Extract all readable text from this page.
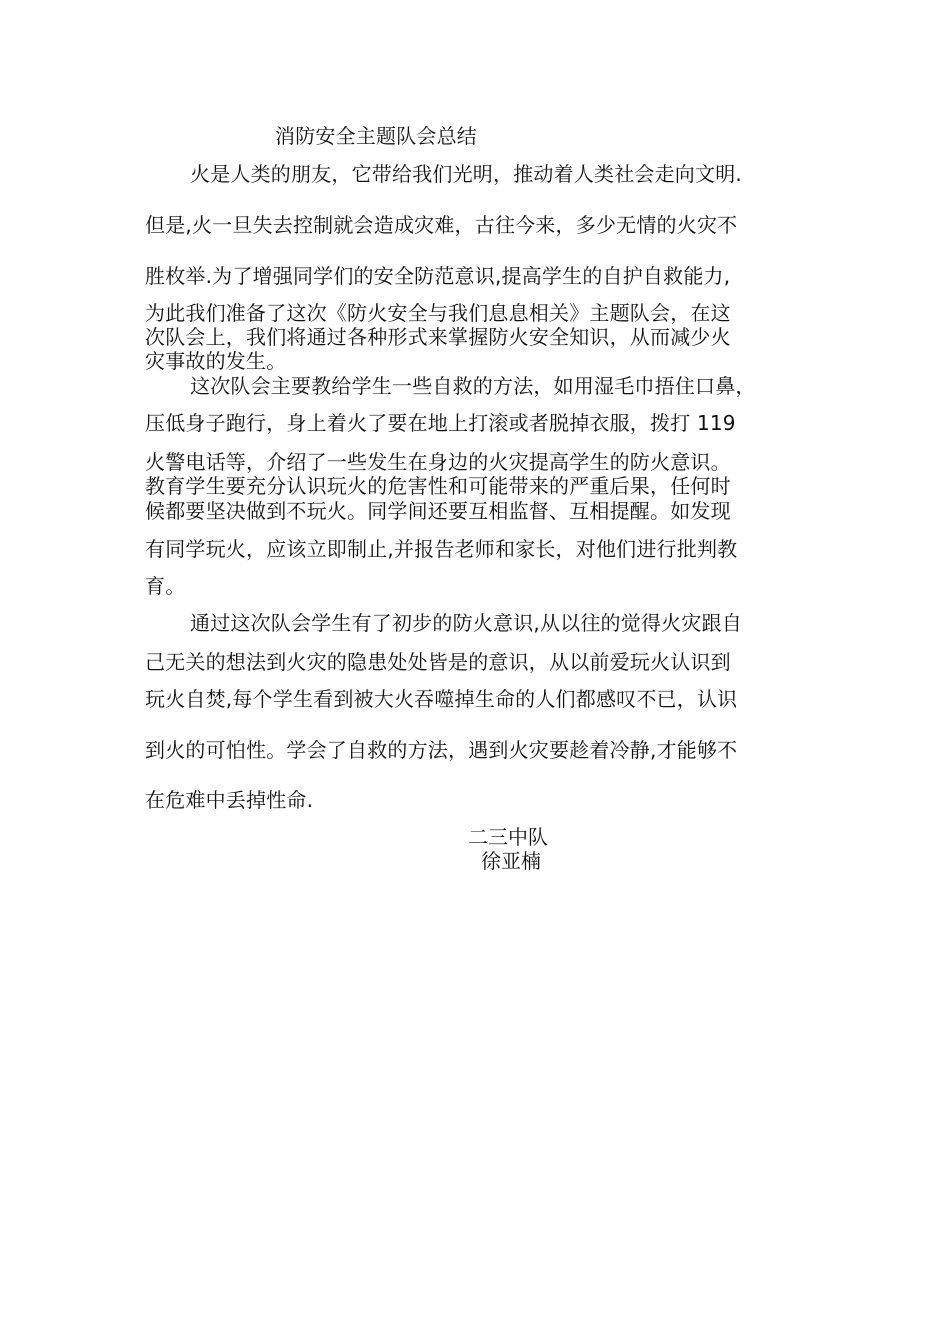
消防安全主题队会总结
火是人类的朋友，它带给我们光明，推动着人类社会走向文明.
但是,火一旦失去控制就会造成灾难，古往今来，多少无情的火灾不
胜枚举.为了增强同学们的安全防范意识,提高学生的自护自救能力,
为此我们准备了这次《防火安全与我们息息相关》主题队会，在这
次队会上，我们将通过各种形式来掌握防火安全知识，从而减少火
灾事故的发生。
这次队会主要教给学生一些自救的方法，如用湿毛巾捂住口鼻，
压低身子跑行，身上着火了要在地上打滚或者脱掉衣服，拨打 119
火警电话等，介绍了一些发生在身边的火灾提高学生的防火意识。
教育学生要充分认识玩火的危害性和可能带来的严重后果，任何时
候都要坚决做到不玩火。同学间还要互相监督、互相提醒。如发现
有同学玩火，应该立即制止,并报告老师和家长，对他们进行批判教
育。
通过这次队会学生有了初步的防火意识,从以往的觉得火灾跟自
己无关的想法到火灾的隐患处处皆是的意识，从以前爱玩火认识到
玩火自焚,每个学生看到被大火吞噬掉生命的人们都感叹不已，认识
到火的可怕性。学会了自救的方法，遇到火灾要趁着冷静,才能够不
在危难中丢掉性命.
二三中队
徐亚楠
